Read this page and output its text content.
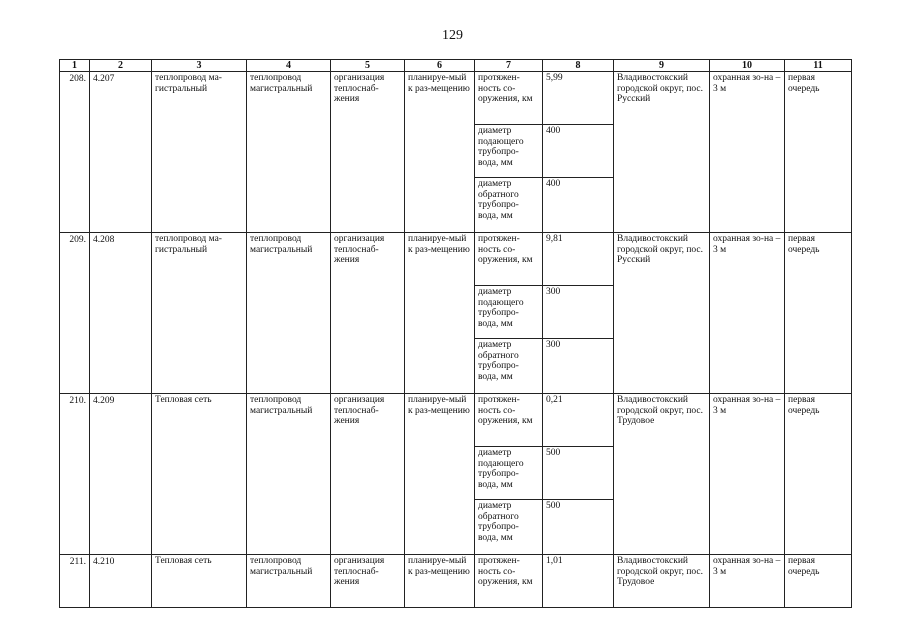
129
1	2	3	4	5	6	7	8	9	10	11
208.	4.207	теплопровод ма-гистральный	теплопровод магистральный	организация теплоснаб-жения	планируе-мый к раз-мещению	протяжен-ность со-оружения, км	5,99	Владивостокский городской округ, пос. Русский	охранная зо-на – 3 м	первая очередь
						диаметр подающего трубопро-вода, мм	400			
						диаметр обратного трубопро-вода, мм	400			
209.	4.208	теплопровод ма-гистральный	теплопровод магистральный	организация теплоснаб-жения	планируе-мый к раз-мещению	протяжен-ность со-оружения, км	9,81	Владивостокский городской округ, пос. Русский	охранная зо-на – 3 м	первая очередь
						диаметр подающего трубопро-вода, мм	300			
						диаметр обратного трубопро-вода, мм	300			
210.	4.209	Тепловая сеть	теплопровод магистральный	организация теплоснаб-жения	планируе-мый к раз-мещению	протяжен-ность со-оружения, км	0,21	Владивостокский городской округ, пос. Трудовое	охранная зо-на – 3 м	первая очередь
						диаметр подающего трубопро-вода, мм	500			
						диаметр обратного трубопро-вода, мм	500			
211.	4.210	Тепловая сеть	теплопровод магистральный	организация теплоснаб-жения	планируе-мый к раз-мещению	протяжен-ность со-оружения, км	1,01	Владивостокский городской округ, пос. Трудовое	охранная зо-на – 3 м	первая очередь
